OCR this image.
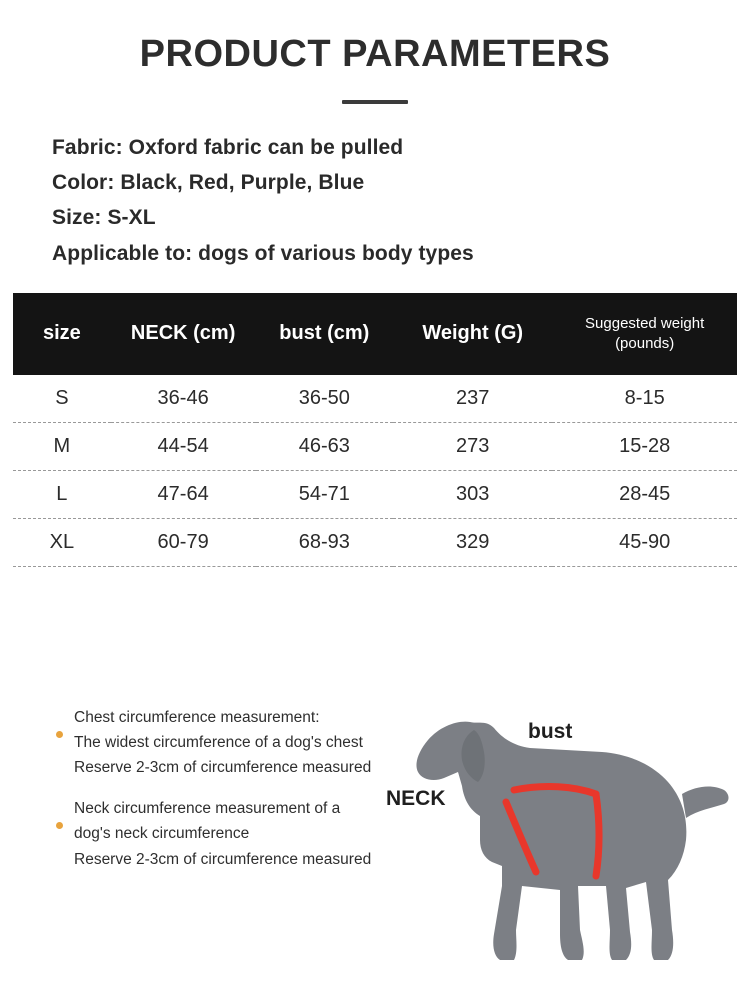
PRODUCT PARAMETERS
Fabric: Oxford fabric can be pulled
Color: Black, Red, Purple, Blue
Size: S-XL
Applicable to: dogs of various body types
size	NECK (cm)	bust (cm)	Weight (G)	Suggested weight (pounds)
S	36-46	36-50	237	8-15
M	44-54	46-63	273	15-28
L	47-64	54-71	303	28-45
XL	60-79	68-93	329	45-90
Chest circumference measurement:
The widest circumference of a dog's chest
Reserve 2-3cm of circumference measured
Neck circumference measurement of a
dog's neck circumference
Reserve 2-3cm of circumference measured
bust
NECK
